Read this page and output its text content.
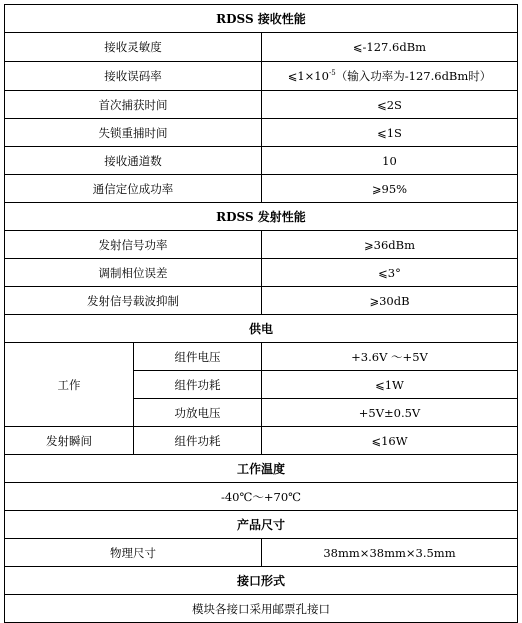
RDSS 接收性能		
接收灵敏度		⩽-127.6dBm
接收误码率		$⩽1\times 10^{-5}$（输入功率为-127.6dBm时）
首次捕获时间		⩽2S
失锁重捕时间		⩽1S
接收通道数		10
通信定位成功率		⩾95%
RDSS 发射性能		
发射信号功率		⩾36dBm
调制相位误差		⩽3°
发射信号载波抑制		⩾30dB
供电		
工作	组件电压	+3.6V ～+5V
	组件功耗	⩽1W
	功放电压	+5V±0.5V
发射瞬间	组件功耗	⩽16W
工作温度		
-40℃～+70℃		
产品尺寸		
物理尺寸		38mm×38mm×3.5mm
接口形式		
模块各接口采用邮票孔接口		
